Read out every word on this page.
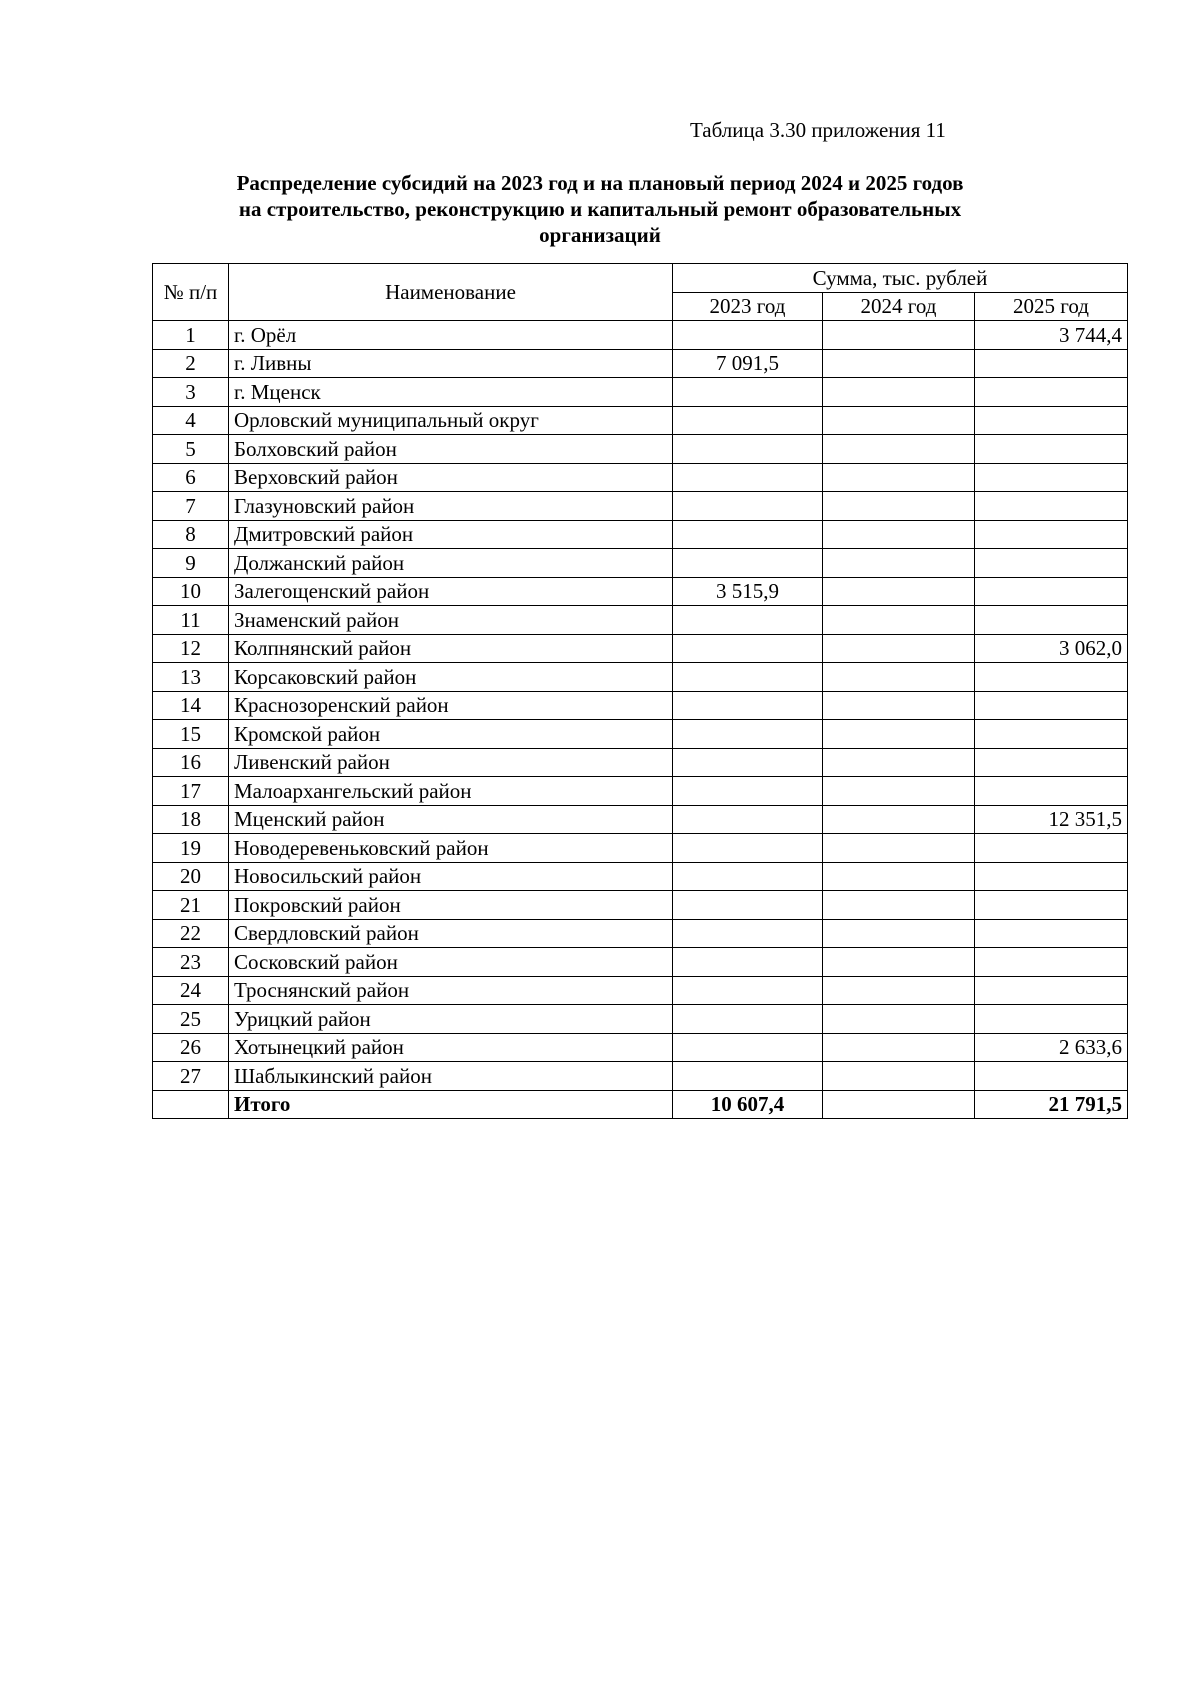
Таблица 3.30 приложения 11
Распределение субсидий на 2023 год и на плановый период 2024 и 2025 годов
на строительство, реконструкцию и капитальный ремонт образовательных
организаций
№ п/п	Наименование	Сумма, тыс. рублей		
		2023 год	2024 год	2025 год
1	г. Орёл			3 744,4
2	г. Ливны	7 091,5		
3	г. Мценск			
4	Орловский муниципальный округ			
5	Болховский район			
6	Верховский район			
7	Глазуновский район			
8	Дмитровский район			
9	Должанский район			
10	Залегощенский район	3 515,9		
11	Знаменский район			
12	Колпнянский район			3 062,0
13	Корсаковский район			
14	Краснозоренский район			
15	Кромской район			
16	Ливенский район			
17	Малоархангельский район			
18	Мценский район			12 351,5
19	Новодеревеньковский район			
20	Новосильский район			
21	Покровский район			
22	Свердловский район			
23	Сосковский район			
24	Троснянский район			
25	Урицкий район			
26	Хотынецкий район			2 633,6
27	Шаблыкинский район			
	Итого	10 607,4		21 791,5
